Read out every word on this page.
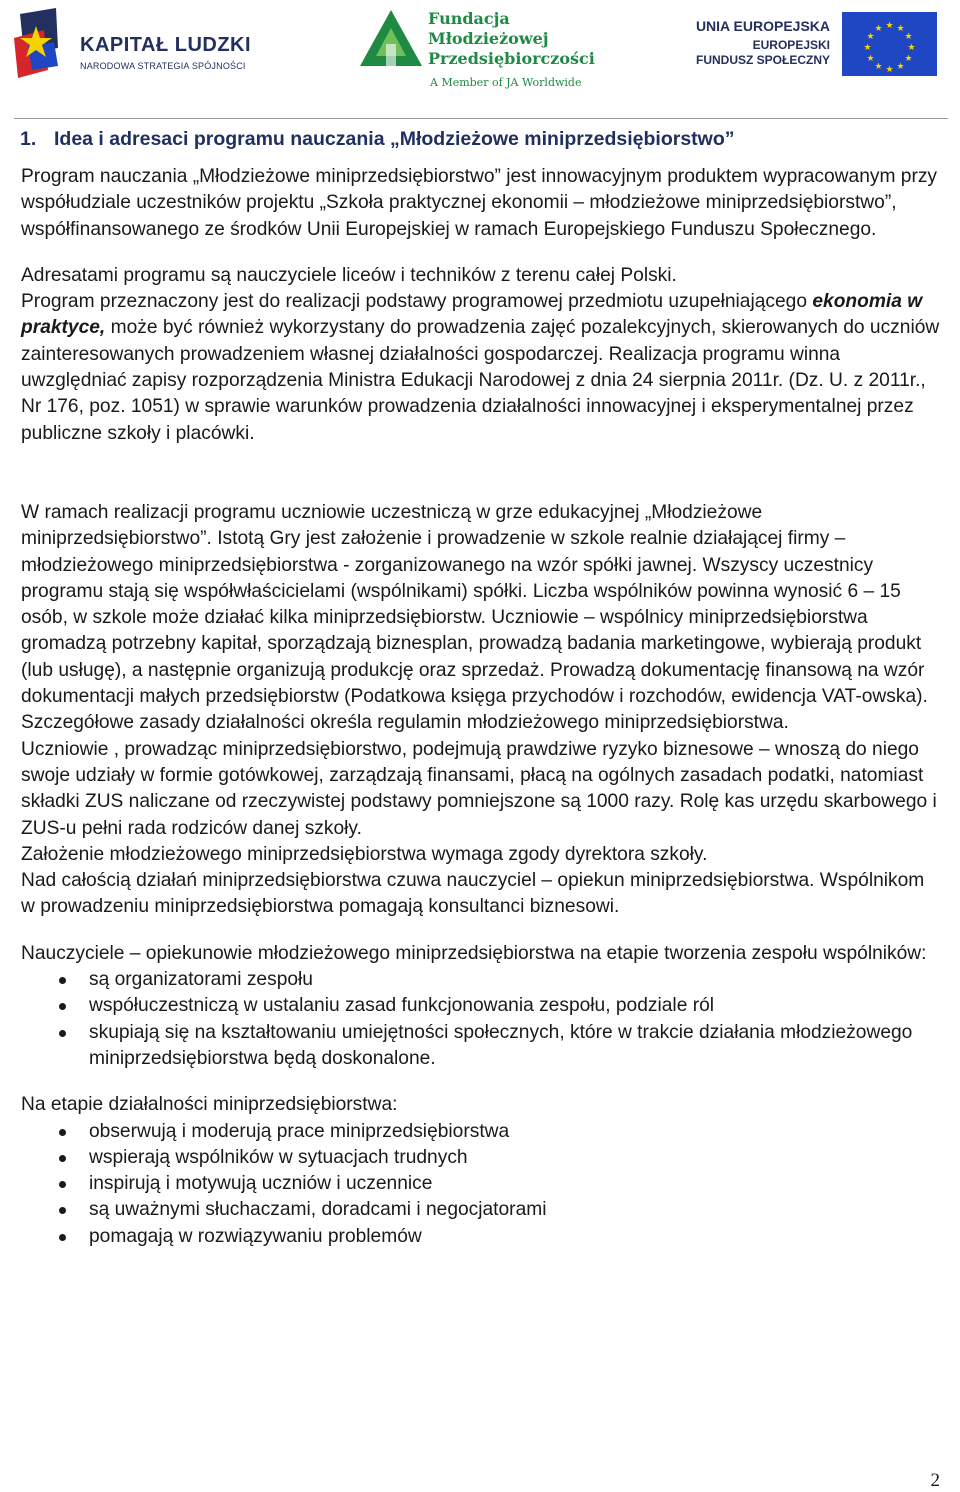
KAPITAŁ LUDZKI
NARODOWA STRATEGIA SPÓJNOŚCI
Fundacja
Młodzieżowej
Przedsiębiorczości
A Member of JA Worldwide
UNIA EUROPEJSKA
EUROPEJSKI
FUNDUSZ SPOŁECZNY
★ ★
★
★
★
★
★
★
★
★
★
★
1. Idea i adresaci programu nauczania „Młodzieżowe miniprzedsiębiorstwo”

Program nauczania „Młodzieżowe miniprzedsiębiorstwo” jest innowacyjnym produktem wypracowanym przy współudziale uczestników projektu „Szkoła praktycznej ekonomii – młodzieżowe miniprzedsiębiorstwo”, współfinansowanego ze środków Unii Europejskiej w ramach Europejskiego Funduszu Społecznego.

Adresatami programu są nauczyciele liceów i techników z terenu całej Polski.

Program przeznaczony jest do realizacji podstawy programowej przedmiotu uzupełniającego ekonomia w praktyce, może być również wykorzystany do prowadzenia zajęć pozalekcyjnych, skierowanych do uczniów zainteresowanych prowadzeniem własnej działalności gospodarczej. Realizacja programu winna uwzględniać zapisy rozporządzenia Ministra Edukacji Narodowej z dnia 24 sierpnia 2011r. (Dz. U. z 2011r., Nr 176, poz. 1051) w sprawie warunków prowadzenia działalności innowacyjnej i eksperymentalnej przez publiczne szkoły i placówki.

W ramach realizacji programu uczniowie uczestniczą w grze edukacyjnej „Młodzieżowe miniprzedsiębiorstwo”. Istotą Gry jest założenie i prowadzenie w szkole realnie działającej firmy – młodzieżowego miniprzedsiębiorstwa - zorganizowanego na wzór spółki jawnej. Wszyscy uczestnicy programu stają się współwłaścicielami (wspólnikami) spółki. Liczba wspólników powinna wynosić 6 – 15 osób, w szkole może działać kilka miniprzedsiębiorstw. Uczniowie – wspólnicy miniprzedsiębiorstwa gromadzą potrzebny kapitał, sporządzają biznesplan, prowadzą badania marketingowe, wybierają produkt (lub usługę), a następnie organizują produkcję oraz sprzedaż. Prowadzą dokumentację finansową na wzór dokumentacji małych przedsiębiorstw (Podatkowa księga przychodów i rozchodów, ewidencja VAT-owska).

Szczegółowe zasady działalności określa regulamin młodzieżowego miniprzedsiębiorstwa.

Uczniowie , prowadząc miniprzedsiębiorstwo, podejmują prawdziwe ryzyko biznesowe – wnoszą do niego swoje udziały w formie gotówkowej, zarządzają finansami, płacą na ogólnych zasadach podatki, natomiast składki ZUS naliczane od rzeczywistej podstawy pomniejszone są 1000 razy. Rolę kas urzędu skarbowego i ZUS-u pełni rada rodziców danej szkoły.

Założenie młodzieżowego miniprzedsiębiorstwa wymaga zgody dyrektora szkoły.

Nad całością działań miniprzedsiębiorstwa czuwa nauczyciel – opiekun miniprzedsiębiorstwa. Wspólnikom w prowadzeniu miniprzedsiębiorstwa pomagają konsultanci biznesowi.

Nauczyciele – opiekunowie młodzieżowego miniprzedsiębiorstwa na etapie tworzenia zespołu wspólników:

są organizatorami zespołu
współuczestniczą w ustalaniu zasad funkcjonowania zespołu, podziale ról
skupiają się na kształtowaniu umiejętności społecznych, które w trakcie działania młodzieżowego miniprzedsiębiorstwa będą doskonalone.

Na etapie działalności miniprzedsiębiorstwa:

obserwują i moderują prace miniprzedsiębiorstwa
wspierają wspólników w sytuacjach trudnych
inspirują i motywują uczniów i uczennice
są uważnymi słuchaczami, doradcami i negocjatorami
pomagają w rozwiązywaniu problemów
2
